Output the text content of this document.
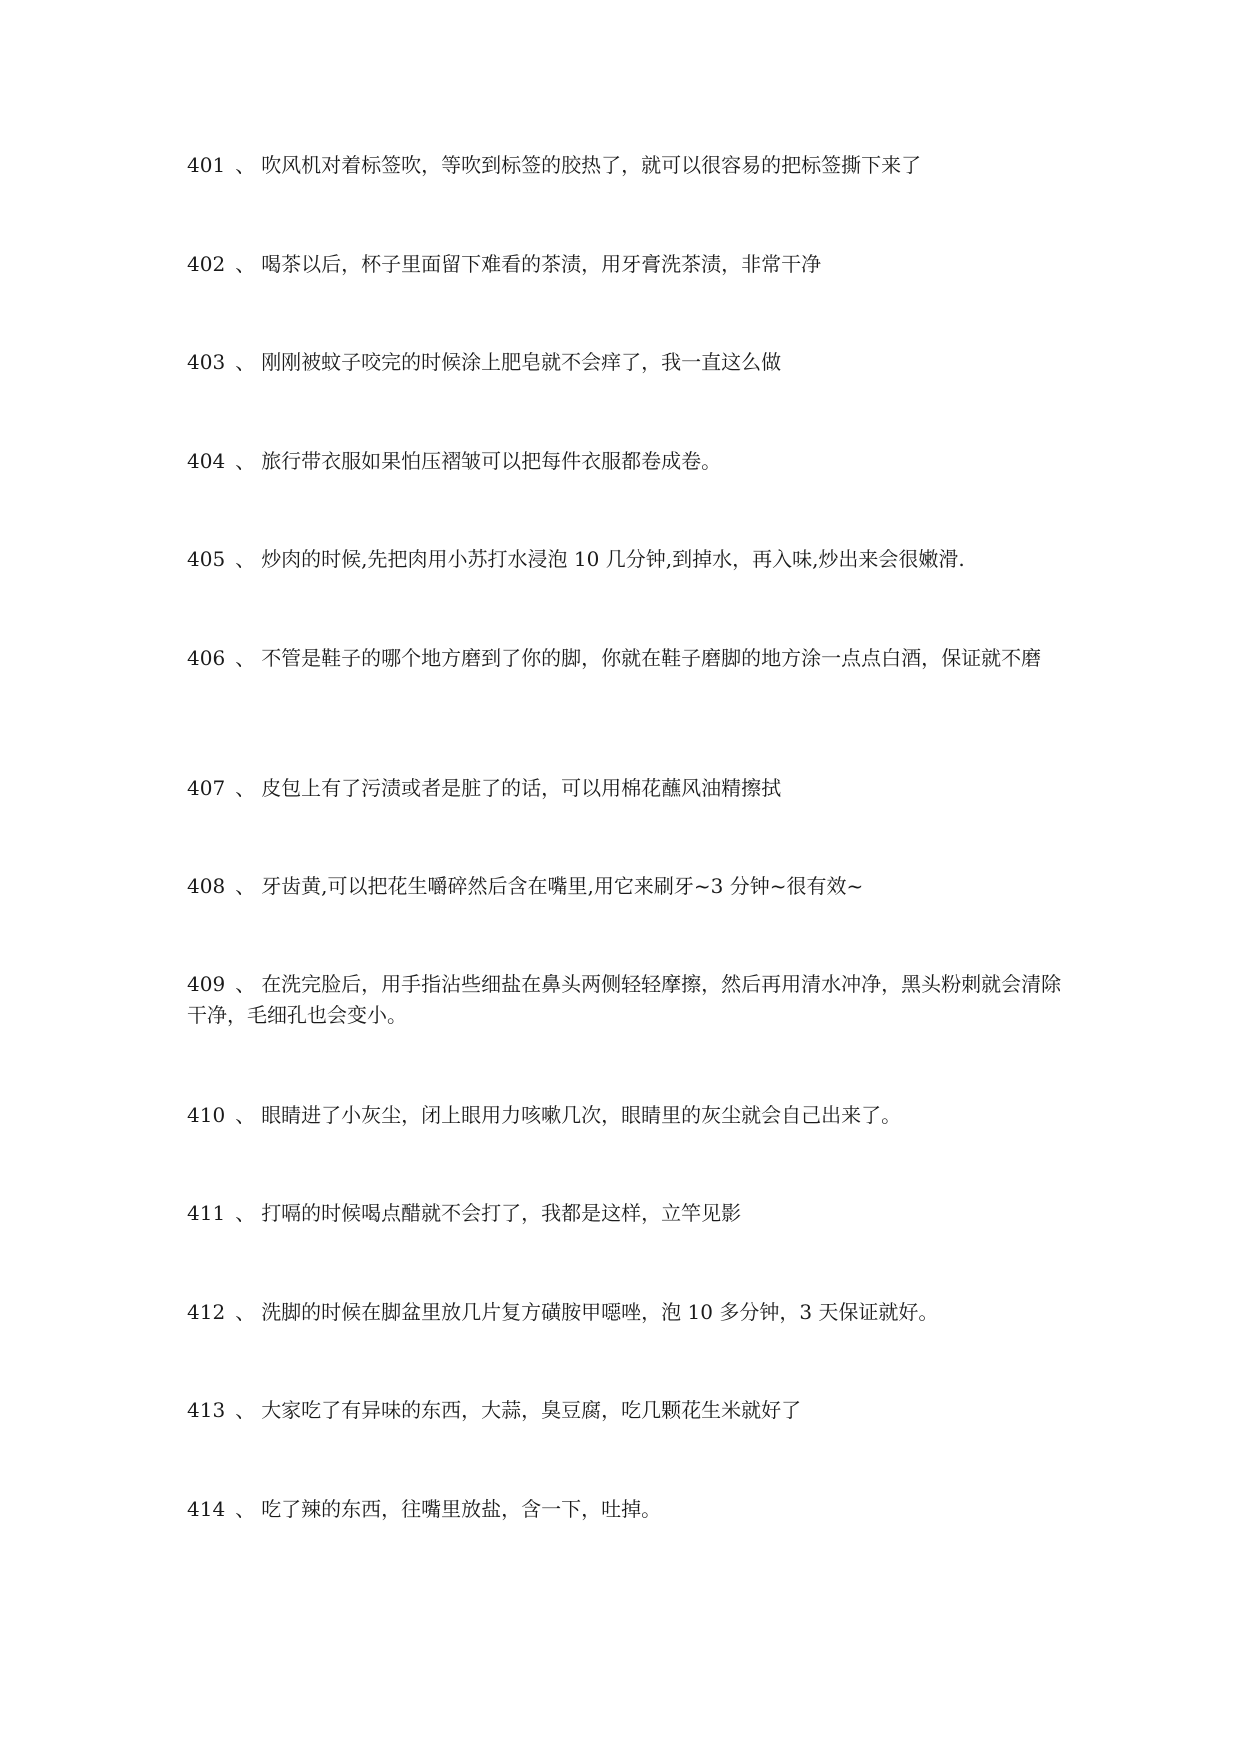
401 、 吹风机对着标签吹，等吹到标签的胶热了，就可以很容易的把标签撕下来了

402 、 喝茶以后，杯子里面留下难看的茶渍，用牙膏洗茶渍，非常干净

403 、 刚刚被蚊子咬完的时候涂上肥皂就不会痒了，我一直这么做

404 、 旅行带衣服如果怕压褶皱可以把每件衣服都卷成卷。

405 、 炒肉的时候,先把肉用小苏打水浸泡 10 几分钟,到掉水，再入味,炒出来会很嫩滑.

406 、 不管是鞋子的哪个地方磨到了你的脚，你就在鞋子磨脚的地方涂一点点白酒，保证就不磨

407 、 皮包上有了污渍或者是脏了的话，可以用棉花蘸风油精擦拭

408 、 牙齿黄,可以把花生嚼碎然后含在嘴里,用它来刷牙~3 分钟~很有效~

409 、 在洗完脸后，用手指沾些细盐在鼻头两侧轻轻摩擦，然后再用清水冲净，黑头粉刺就会清除干净，毛细孔也会变小。

410 、 眼睛进了小灰尘，闭上眼用力咳嗽几次，眼睛里的灰尘就会自己出来了。

411 、 打嗝的时候喝点醋就不会打了，我都是这样，立竿见影

412 、 洗脚的时候在脚盆里放几片复方磺胺甲噁唑，泡 10 多分钟，3 天保证就好。

413 、 大家吃了有异味的东西，大蒜，臭豆腐，吃几颗花生米就好了

414 、 吃了辣的东西，往嘴里放盐，含一下，吐掉。
